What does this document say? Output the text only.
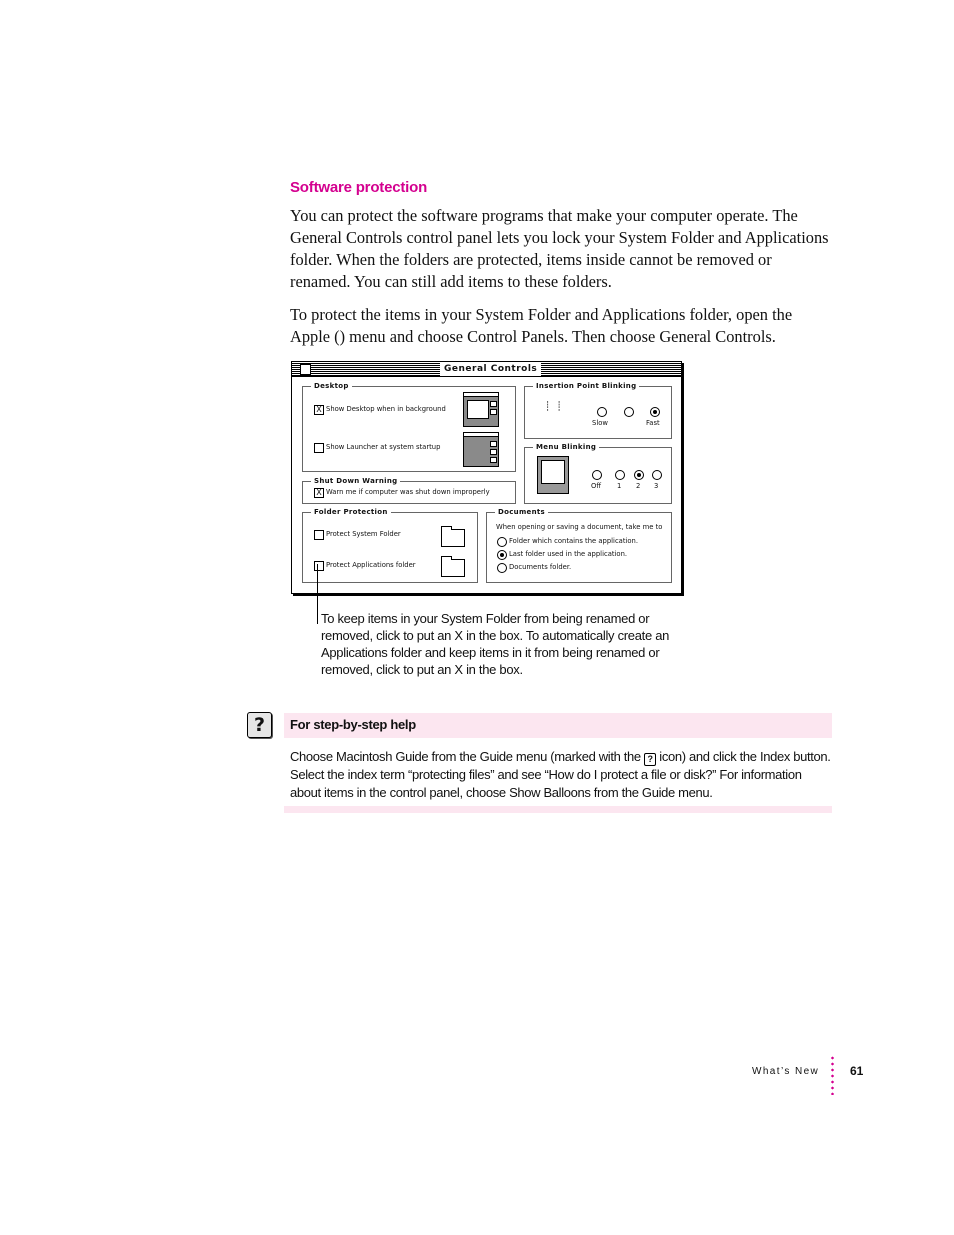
Software protection
You can protect the software programs that make your computer operate. The General Controls control panel lets you lock your System Folder and Applications folder. When the folders are protected, items inside cannot be removed or renamed. You can still add items to these folders.
To protect the items in your System Folder and Applications folder, open the Apple () menu and choose Control Panels. Then choose General Controls.
General Controls
Desktop
X Show Desktop when in background
Show Launcher at system startup
Shut Down Warning
X Warn me if computer was shut down improperly
Insertion Point Blinking
┊┊
Slow	Fast
Menu Blinking
Off 1 2 3
Folder Protection
Protect System Folder
Protect Applications folder
Documents
When opening or saving a document, take me to
Folder which contains the application.
Last folder used in the application.
Documents folder.
To keep items in your System Folder from being renamed or removed, click to put an X in the box. To automatically create an Applications folder and keep items in it from being renamed or removed, click to put an X in the box.
?	For step-by-step help
Choose Macintosh Guide from the Guide menu (marked with the ? icon) and click the Index button. Select the index term “protecting files” and see “How do I protect a file or disk?” For information about items in the control panel, choose Show Balloons from the Guide menu.
What’s New	61
